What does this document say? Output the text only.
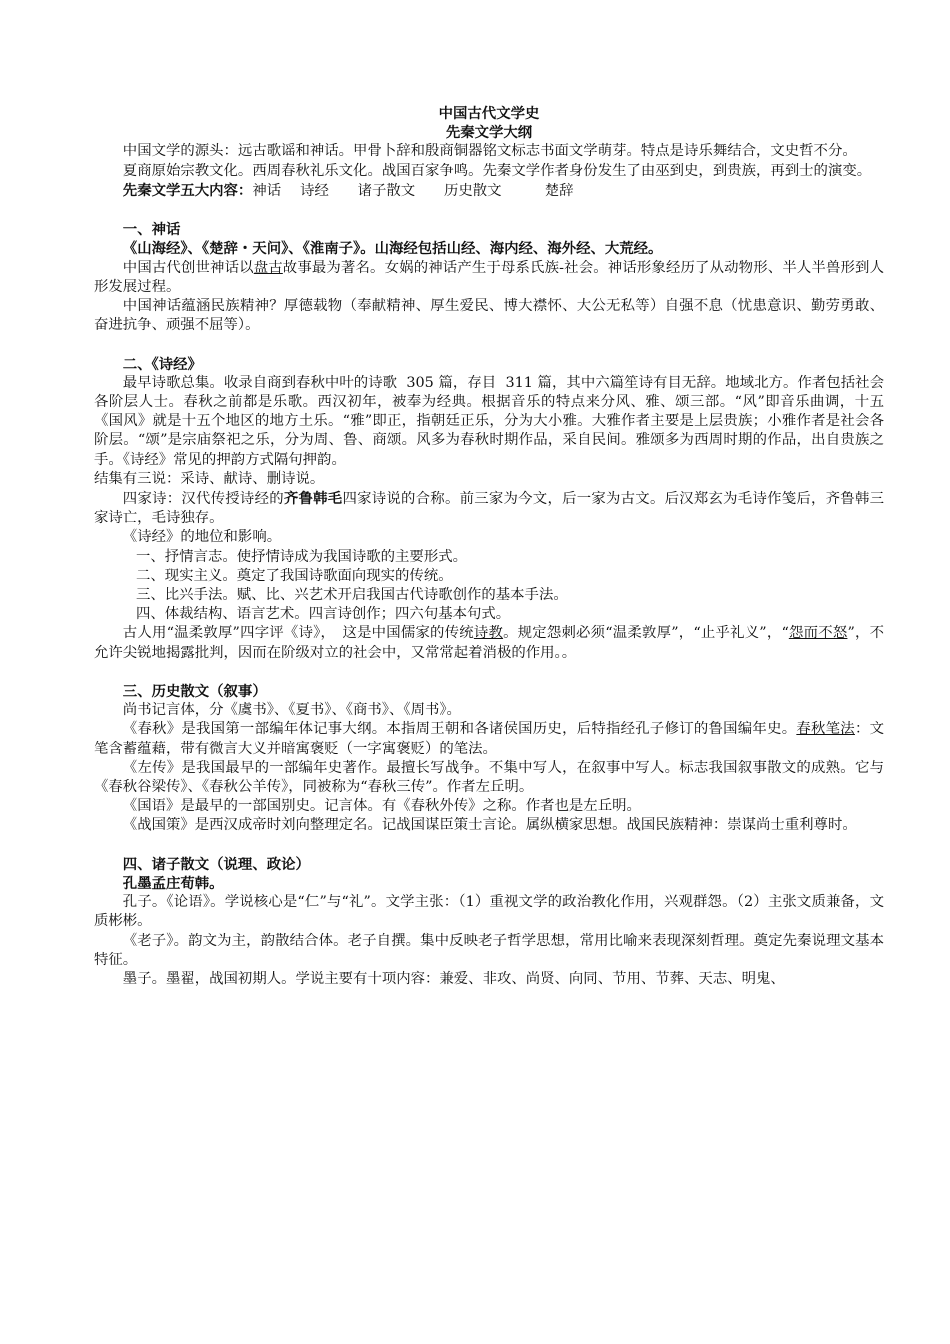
中国古代文学史
先秦文学大纲

中国文学的源头：远古歌谣和神话。甲骨卜辞和殷商铜器铭文标志书面文学萌芽。特点是诗乐舞结合，文史哲不分。

夏商原始宗教文化。西周春秋礼乐文化。战国百家争鸣。先秦文学作者身份发生了由巫到史，到贵族，再到士的演变。

先秦文学五大内容：神话　 诗经　　诸子散文　　历史散文　　　楚辞

一、神话

《山海经》、《楚辞・天问》、《淮南子》。山海经包括山经、海内经、海外经、大荒经。

中国古代创世神话以盘古故事最为著名。女娲的神话产生于母系氏族-社会。神话形象经历了从动物形、半人半兽形到人形发展过程。

中国神话蕴涵民族精神？厚德载物（奉献精神、厚生爱民、博大襟怀、大公无私等）自强不息（忧患意识、勤劳勇敢、奋进抗争、顽强不屈等）。

二、《诗经》

最早诗歌总集。收录自商到春秋中叶的诗歌  305 篇，存目  311 篇，其中六篇笙诗有目无辞。地域北方。作者包括社会各阶层人士。春秋之前都是乐歌。西汉初年，被奉为经典。根据音乐的特点来分风、雅、颂三部。“风”即音乐曲调，十五《国风》就是十五个地区的地方土乐。“雅”即正，指朝廷正乐，分为大小雅。大雅作者主要是上层贵族；小雅作者是社会各阶层。“颂”是宗庙祭祀之乐，分为周、鲁、商颂。风多为春秋时期作品，采自民间。雅颂多为西周时期的作品，出自贵族之手。《诗经》常见的押韵方式隔句押韵。

结集有三说：采诗、献诗、删诗说。

四家诗：汉代传授诗经的齐鲁韩毛四家诗说的合称。前三家为今文，后一家为古文。后汉郑玄为毛诗作笺后，齐鲁韩三家诗亡，毛诗独存。

《诗经》的地位和影响。

一、抒情言志。使抒情诗成为我国诗歌的主要形式。

二、现实主义。奠定了我国诗歌面向现实的传统。

三、比兴手法。赋、比、兴艺术开启我国古代诗歌创作的基本手法。

四、体裁结构、语言艺术。四言诗创作；四六句基本句式。

古人用“温柔敦厚”四字评《诗》，　这是中国儒家的传统诗教。规定怨刺必须“温柔敦厚”，“止乎礼义”，“怨而不怒”，不允许尖锐地揭露批判，因而在阶级对立的社会中，又常常起着消极的作用。。

三、历史散文（叙事）

尚书记言体，分《虞书》、《夏书》、《商书》、《周书》。

《春秋》是我国第一部编年体记事大纲。本指周王朝和各诸侯国历史，后特指经孔子修订的鲁国编年史。春秋笔法：文笔含蓄蕴藉，带有微言大义并暗寓褒贬（一字寓褒贬）的笔法。

《左传》是我国最早的一部编年史著作。最擅长写战争。不集中写人，在叙事中写人。标志我国叙事散文的成熟。它与《春秋谷梁传》、《春秋公羊传》，同被称为“春秋三传”。作者左丘明。

《国语》是最早的一部国别史。记言体。有《春秋外传》之称。作者也是左丘明。

《战国策》是西汉成帝时刘向整理定名。记战国谋臣策士言论。属纵横家思想。战国民族精神：崇谋尚士重利尊时。

四、诸子散文（说理、政论）

孔墨孟庄荀韩。

孔子。《论语》。学说核心是“仁”与“礼”。文学主张：（1）重视文学的政治教化作用，兴观群怨。（2）主张文质兼备，文质彬彬。

《老子》。韵文为主，韵散结合体。老子自撰。集中反映老子哲学思想，常用比喻来表现深刻哲理。奠定先秦说理文基本特征。

墨子。墨翟，战国初期人。学说主要有十项内容：兼爱、非攻、尚贤、向同、节用、节葬、天志、明鬼、
